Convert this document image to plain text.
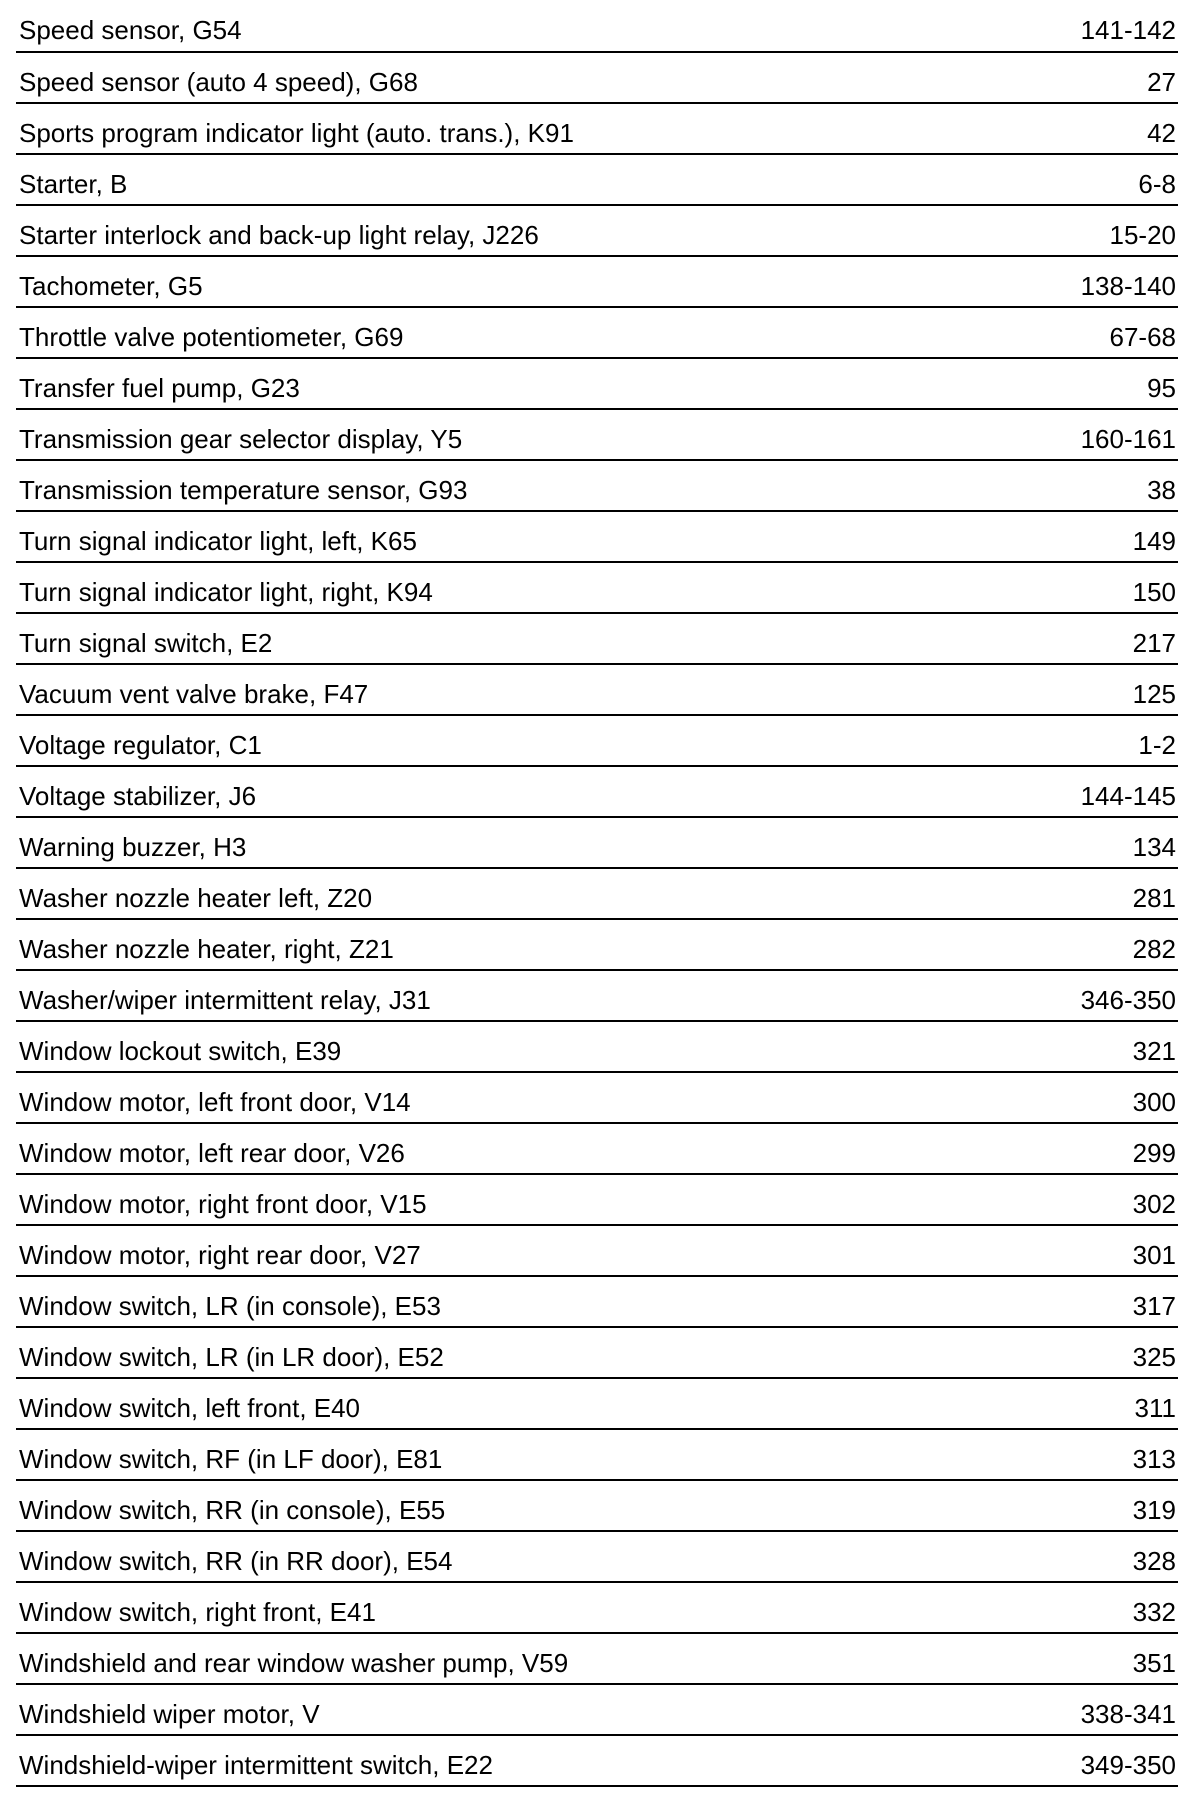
Speed sensor, G54	141-142
Speed sensor (auto 4 speed), G68	27
Sports program indicator light (auto. trans.), K91	42
Starter, B	6-8
Starter interlock and back-up light relay, J226	15-20
Tachometer, G5	138-140
Throttle valve potentiometer, G69	67-68
Transfer fuel pump, G23	95
Transmission gear selector display, Y5	160-161
Transmission temperature sensor, G93	38
Turn signal indicator light, left, K65	149
Turn signal indicator light, right, K94	150
Turn signal switch, E2	217
Vacuum vent valve brake, F47	125
Voltage regulator, C1	1-2
Voltage stabilizer, J6	144-145
Warning buzzer, H3	134
Washer nozzle heater left, Z20	281
Washer nozzle heater, right, Z21	282
Washer/wiper intermittent relay, J31	346-350
Window lockout switch, E39	321
Window motor, left front door, V14	300
Window motor, left rear door, V26	299
Window motor, right front door, V15	302
Window motor, right rear door, V27	301
Window switch, LR (in console), E53	317
Window switch, LR (in LR door), E52	325
Window switch, left front, E40	311
Window switch, RF (in LF door), E81	313
Window switch, RR (in console), E55	319
Window switch, RR (in RR door), E54	328
Window switch, right front, E41	332
Windshield and rear window washer pump, V59	351
Windshield wiper motor, V	338-341
Windshield-wiper intermittent switch, E22	349-350
